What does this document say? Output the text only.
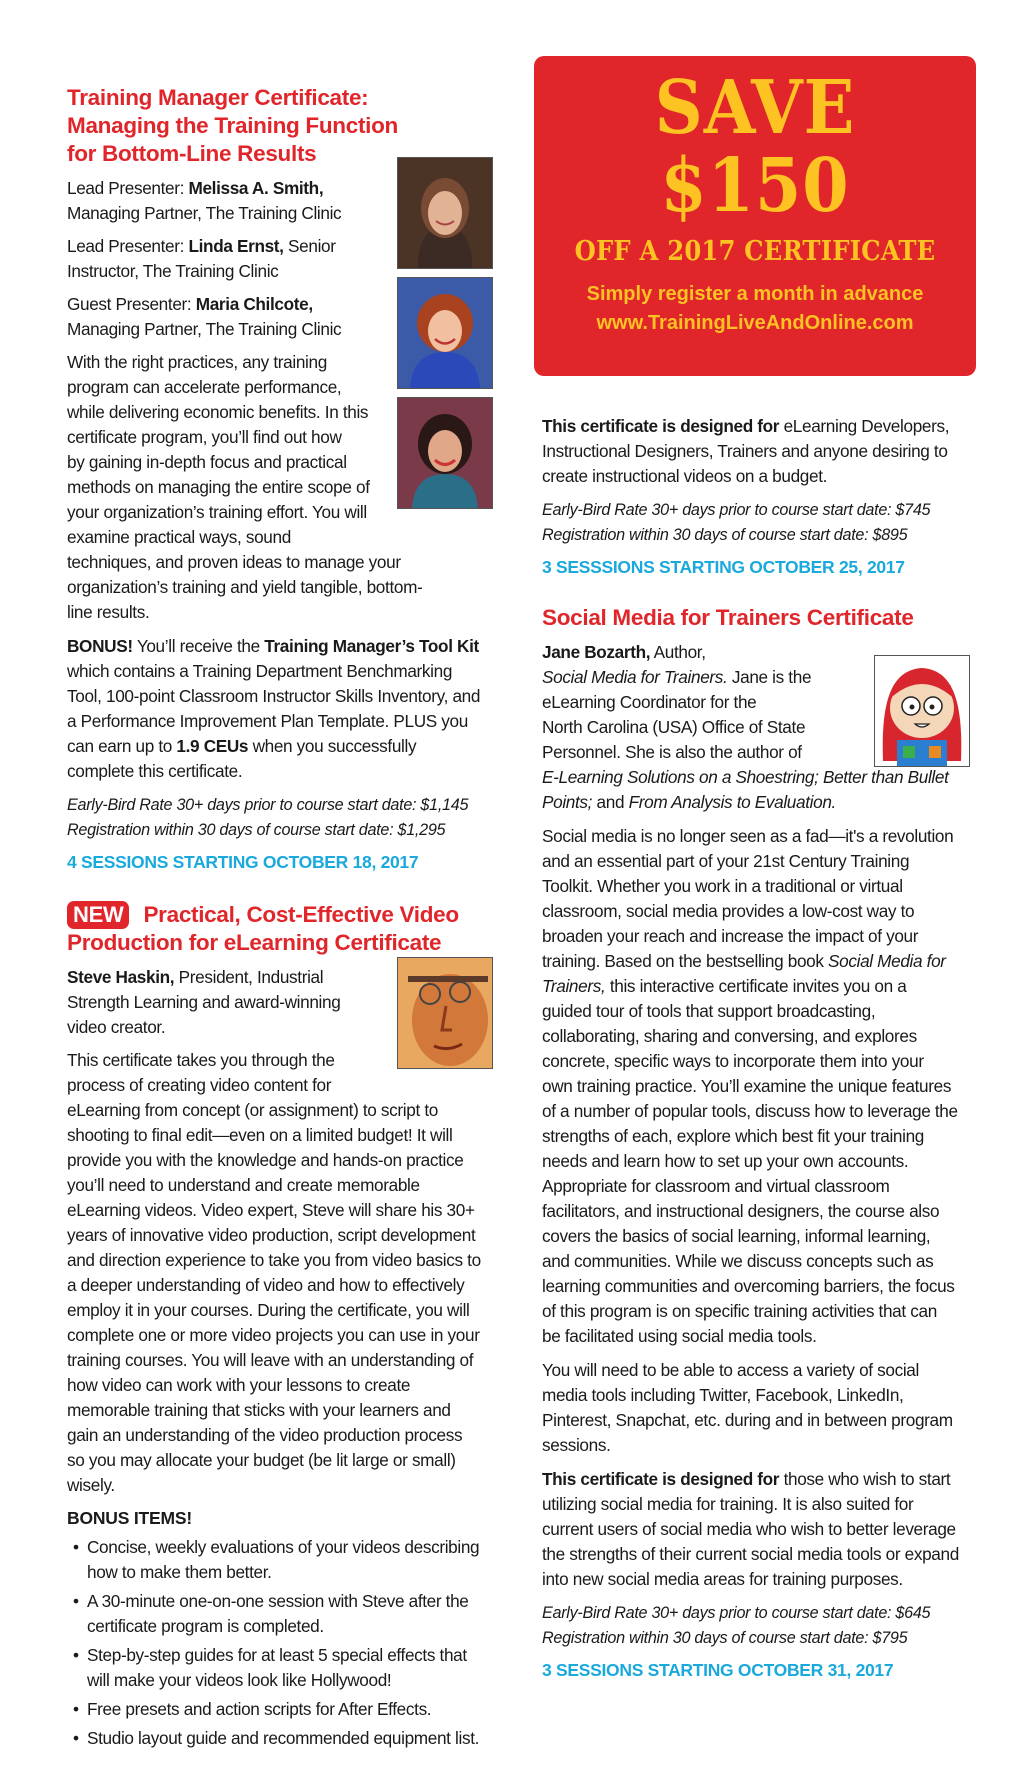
Training Manager Certificate:
Managing the Training Function
for Bottom-Line Results

Lead Presenter: Melissa A. Smith,
Managing Partner, The Training Clinic

Lead Presenter: Linda Ernst, Senior
Instructor, The Training Clinic

Guest Presenter: Maria Chilcote,
Managing Partner, The Training Clinic

With the right practices, any training
program can accelerate performance,
while delivering economic benefits. In this
certificate program, you’ll find out how
by gaining in-depth focus and practical
methods on managing the entire scope of
your organization’s training effort. You will
examine practical ways, sound
techniques, and proven ideas to manage your
organization’s training and yield tangible, bottom-
line results.

BONUS! You’ll receive the Training Manager’s Tool Kit
which contains a Training Department Benchmarking
Tool, 100-point Classroom Instructor Skills Inventory, and
a Performance Improvement Plan Template. PLUS you
can earn up to 1.9 CEUs when you successfully
complete this certificate.

Early-Bird Rate 30+ days prior to course start date: $1,145

Registration within 30 days of course start date: $1,295

4 SESSIONS STARTING OCTOBER 18, 2017

NEW Practical, Cost-Effective Video
Production for eLearning Certificate

Steve Haskin, President, Industrial
Strength Learning and award-winning
video creator.

This certificate takes you through the
process of creating video content for
eLearning from concept (or assignment) to script to
shooting to final edit—even on a limited budget! It will
provide you with the knowledge and hands-on practice
you’ll need to understand and create memorable
eLearning videos. Video expert, Steve will share his 30+
years of innovative video production, script development
and direction experience to take you from video basics to
a deeper understanding of video and how to effectively
employ it in your courses. During the certificate, you will
complete one or more video projects you can use in your
training courses. You will leave with an understanding of
how video can work with your lessons to create
memorable training that sticks with your learners and
gain an understanding of the video production process
so you may allocate your budget (be lit large or small)
wisely.

BONUS ITEMS!
• Concise, weekly evaluations of your videos describing
how to make them better.
• A 30-minute one-on-one session with Steve after the
certificate program is completed.
• Step-by-step guides for at least 5 special effects that
will make your videos look like Hollywood!
• Free presets and action scripts for After Effects.
• Studio layout guide and recommended equipment list.
SAVE
$150
OFF A 2017 CERTIFICATE
Simply register a month in advance
www.TrainingLiveAndOnline.com

This certificate is designed for eLearning Developers,
Instructional Designers, Trainers and anyone desiring to
create instructional videos on a budget.

Early-Bird Rate 30+ days prior to course start date: $745

Registration within 30 days of course start date: $895

3 SESSSIONS STARTING OCTOBER 25, 2017

Social Media for Trainers Certificate

Jane Bozarth, Author,
Social Media for Trainers. Jane is the
eLearning Coordinator for the
North Carolina (USA) Office of State
Personnel. She is also the author of
E-Learning Solutions on a Shoestring; Better than Bullet
Points; and From Analysis to Evaluation.

Social media is no longer seen as a fad—it's a revolution
and an essential part of your 21st Century Training
Toolkit. Whether you work in a traditional or virtual
classroom, social media provides a low-cost way to
broaden your reach and increase the impact of your
training. Based on the bestselling book Social Media for
Trainers, this interactive certificate invites you on a
guided tour of tools that support broadcasting,
collaborating, sharing and conversing, and explores
concrete, specific ways to incorporate them into your
own training practice. You’ll examine the unique features
of a number of popular tools, discuss how to leverage the
strengths of each, explore which best fit your training
needs and learn how to set up your own accounts.
Appropriate for classroom and virtual classroom
facilitators, and instructional designers, the course also
covers the basics of social learning, informal learning,
and communities. While we discuss concepts such as
learning communities and overcoming barriers, the focus
of this program is on specific training activities that can
be facilitated using social media tools.

You will need to be able to access a variety of social
media tools including Twitter, Facebook, LinkedIn,
Pinterest, Snapchat, etc. during and in between program
sessions.

This certificate is designed for those who wish to start
utilizing social media for training. It is also suited for
current users of social media who wish to better leverage
the strengths of their current social media tools or expand
into new social media areas for training purposes.

Early-Bird Rate 30+ days prior to course start date: $645

Registration within 30 days of course start date: $795

3 SESSIONS STARTING OCTOBER 31, 2017
